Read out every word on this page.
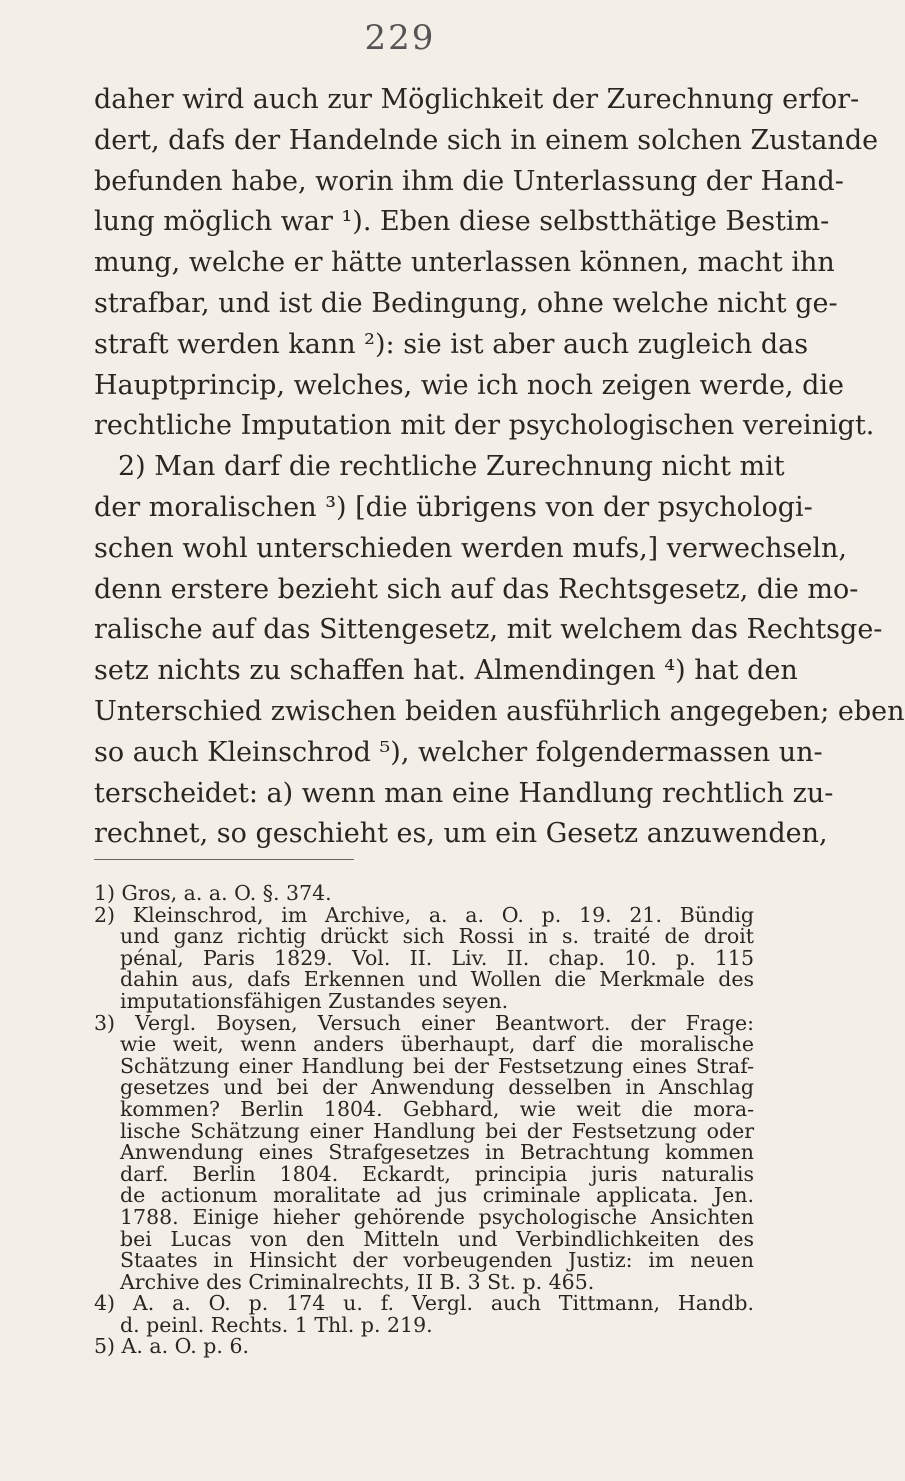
229
daher wird auch zur Möglichkeit der Zurechnung erfor-
dert, dafs der Handelnde sich in einem solchen Zustande
befunden habe, worin ihm die Unterlassung der Hand-
lung möglich war ¹). Eben diese selbstthätige Bestim-
mung, welche er hätte unterlassen können, macht ihn
strafbar, und ist die Bedingung, ohne welche nicht ge-
straft werden kann ²): sie ist aber auch zugleich das
Hauptprincip, welches, wie ich noch zeigen werde, die
rechtliche Imputation mit der psychologischen vereinigt.
2) Man darf die rechtliche Zurechnung nicht mit
der moralischen ³) [die übrigens von der psychologi-
schen wohl unterschieden werden mufs,] verwechseln,
denn erstere bezieht sich auf das Rechtsgesetz, die mo-
ralische auf das Sittengesetz, mit welchem das Rechtsge-
setz nichts zu schaffen hat. Almendingen ⁴) hat den
Unterschied zwischen beiden ausführlich angegeben; eben
so auch Kleinschrod ⁵), welcher folgendermassen un-
terscheidet: a) wenn man eine Handlung rechtlich zu-
rechnet, so geschieht es, um ein Gesetz anzuwenden,
1) Gros, a. a. O. §. 374.
2) Kleinschrod, im Archive, a. a. O. p. 19. 21. Bündig
und ganz richtig drückt sich Rossi in s. traité de droit
pénal, Paris 1829. Vol. II. Liv. II. chap. 10. p. 115
dahin aus, dafs Erkennen und Wollen die Merkmale des
imputationsfähigen Zustandes seyen.
3) Vergl. Boysen, Versuch einer Beantwort. der Frage:
wie weit, wenn anders überhaupt, darf die moralische
Schätzung einer Handlung bei der Festsetzung eines Straf-
gesetzes und bei der Anwendung desselben in Anschlag
kommen? Berlin 1804. Gebhard, wie weit die mora-
lische Schätzung einer Handlung bei der Festsetzung oder
Anwendung eines Strafgesetzes in Betrachtung kommen
darf. Berlin 1804. Eckardt, principia juris naturalis
de actionum moralitate ad jus criminale applicata. Jen.
1788. Einige hieher gehörende psychologische Ansichten
bei Lucas von den Mitteln und Verbindlichkeiten des
Staates in Hinsicht der vorbeugenden Justiz: im neuen
Archive des Criminalrechts, II B. 3 St. p. 465.
4) A. a. O. p. 174 u. f. Vergl. auch Tittmann, Handb.
d. peinl. Rechts. 1 Thl. p. 219.
5) A. a. O. p. 6.
